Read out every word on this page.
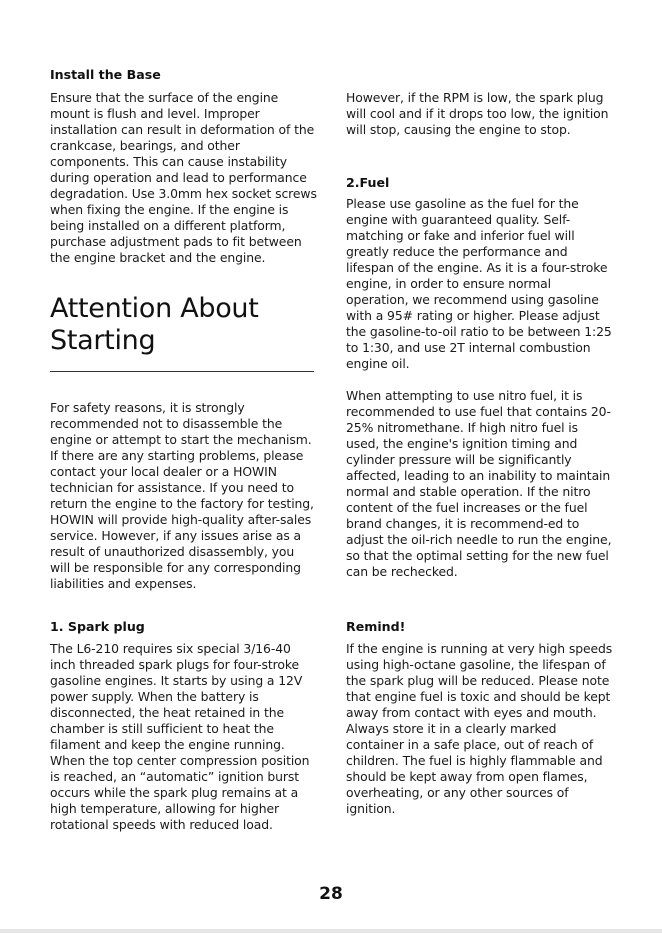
Install the Base

Ensure that the surface of the engine mount is flush and level. Improper installation can result in deformation of the crankcase, bearings, and other components. This can cause instability during operation and lead to performance degradation. Use 3.0mm hex socket screws when fixing the engine. If the engine is being installed on a different platform, purchase adjustment pads to fit between the engine bracket and the engine.

Attention About
Starting

For safety reasons, it is strongly recommended not to disassemble the engine or attempt to start the mechanism. If there are any starting problems, please contact your local dealer or a HOWIN technician for assistance. If you need to return the engine to the factory for testing, HOWIN will provide high-quality after-sales service. However, if any issues arise as a result of unauthorized disassembly, you will be responsible for any corresponding liabilities and expenses.

1. Spark plug

The L6-210 requires six special 3/16-40 inch threaded spark plugs for four-stroke gasoline engines. It starts by using a 12V power supply. When the battery is disconnected, the heat retained in the chamber is still sufficient to heat the filament and keep the engine running. When the top center compression position is reached, an “automatic” ignition burst occurs while the spark plug remains at a high temperature, allowing for higher rotational speeds with reduced load.

However, if the RPM is low, the spark plug will cool and if it drops too low, the ignition will stop, causing the engine to stop.

2.Fuel

Please use gasoline as the fuel for the engine with guaranteed quality. Self-matching or fake and inferior fuel will greatly reduce the performance and lifespan of the engine. As it is a four-stroke engine, in order to ensure normal operation, we recommend using gasoline with a 95# rating or higher. Please adjust the gasoline-to-oil ratio to be between 1:25 to 1:30, and use 2T internal combustion engine oil.

When attempting to use nitro fuel, it is recommended to use fuel that contains 20-25% nitromethane. If high nitro fuel is used, the engine's ignition timing and cylinder pressure will be significantly affected, leading to an inability to maintain normal and stable operation. If the nitro content of the fuel increases or the fuel brand changes, it is recommend-ed to adjust the oil-rich needle to run the engine, so that the optimal setting for the new fuel can be rechecked.

Remind!

If the engine is running at very high speeds using high-octane gasoline, the lifespan of the spark plug will be reduced. Please note that engine fuel is toxic and should be kept away from contact with eyes and mouth. Always store it in a clearly marked container in a safe place, out of reach of children. The fuel is highly flammable and should be kept away from open flames, overheating, or any other sources of ignition.

28
